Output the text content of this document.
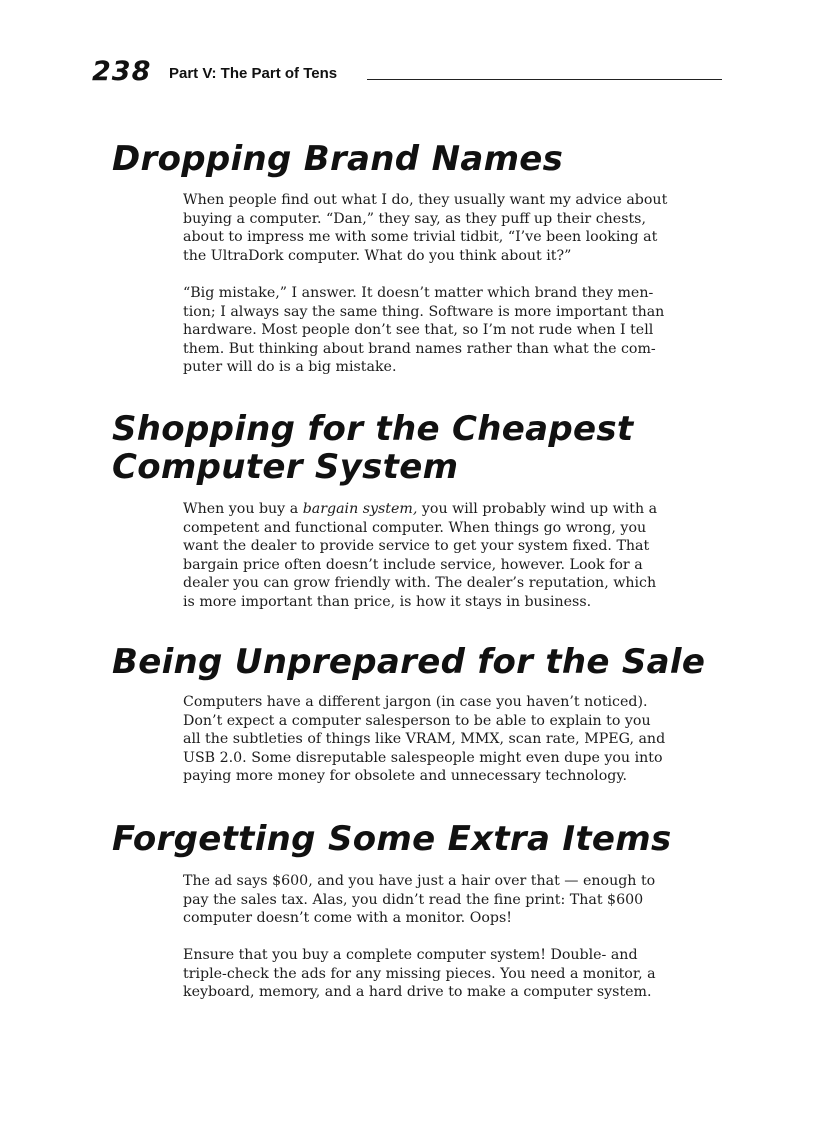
238 Part V: The Part of Tens
Dropping Brand Names
When people find out what I do, they usually want my advice about
buying a computer. “Dan,” they say, as they puff up their chests,
about to impress me with some trivial tidbit, “I’ve been looking at
the UltraDork computer. What do you think about it?”
“Big mistake,” I answer. It doesn’t matter which brand they men-
tion; I always say the same thing. Software is more important than
hardware. Most people don’t see that, so I’m not rude when I tell
them. But thinking about brand names rather than what the com-
puter will do is a big mistake.
Shopping for the Cheapest
Computer System
When you buy a bargain system, you will probably wind up with a
competent and functional computer. When things go wrong, you
want the dealer to provide service to get your system fixed. That
bargain price often doesn’t include service, however. Look for a
dealer you can grow friendly with. The dealer’s reputation, which
is more important than price, is how it stays in business.
Being Unprepared for the Sale
Computers have a different jargon (in case you haven’t noticed).
Don’t expect a computer salesperson to be able to explain to you
all the subtleties of things like VRAM, MMX, scan rate, MPEG, and
USB 2.0. Some disreputable salespeople might even dupe you into
paying more money for obsolete and unnecessary technology.
Forgetting Some Extra Items
The ad says $600, and you have just a hair over that — enough to
pay the sales tax. Alas, you didn’t read the fine print: That $600
computer doesn’t come with a monitor. Oops!
Ensure that you buy a complete computer system! Double- and
triple-check the ads for any missing pieces. You need a monitor, a
keyboard, memory, and a hard drive to make a computer system.
